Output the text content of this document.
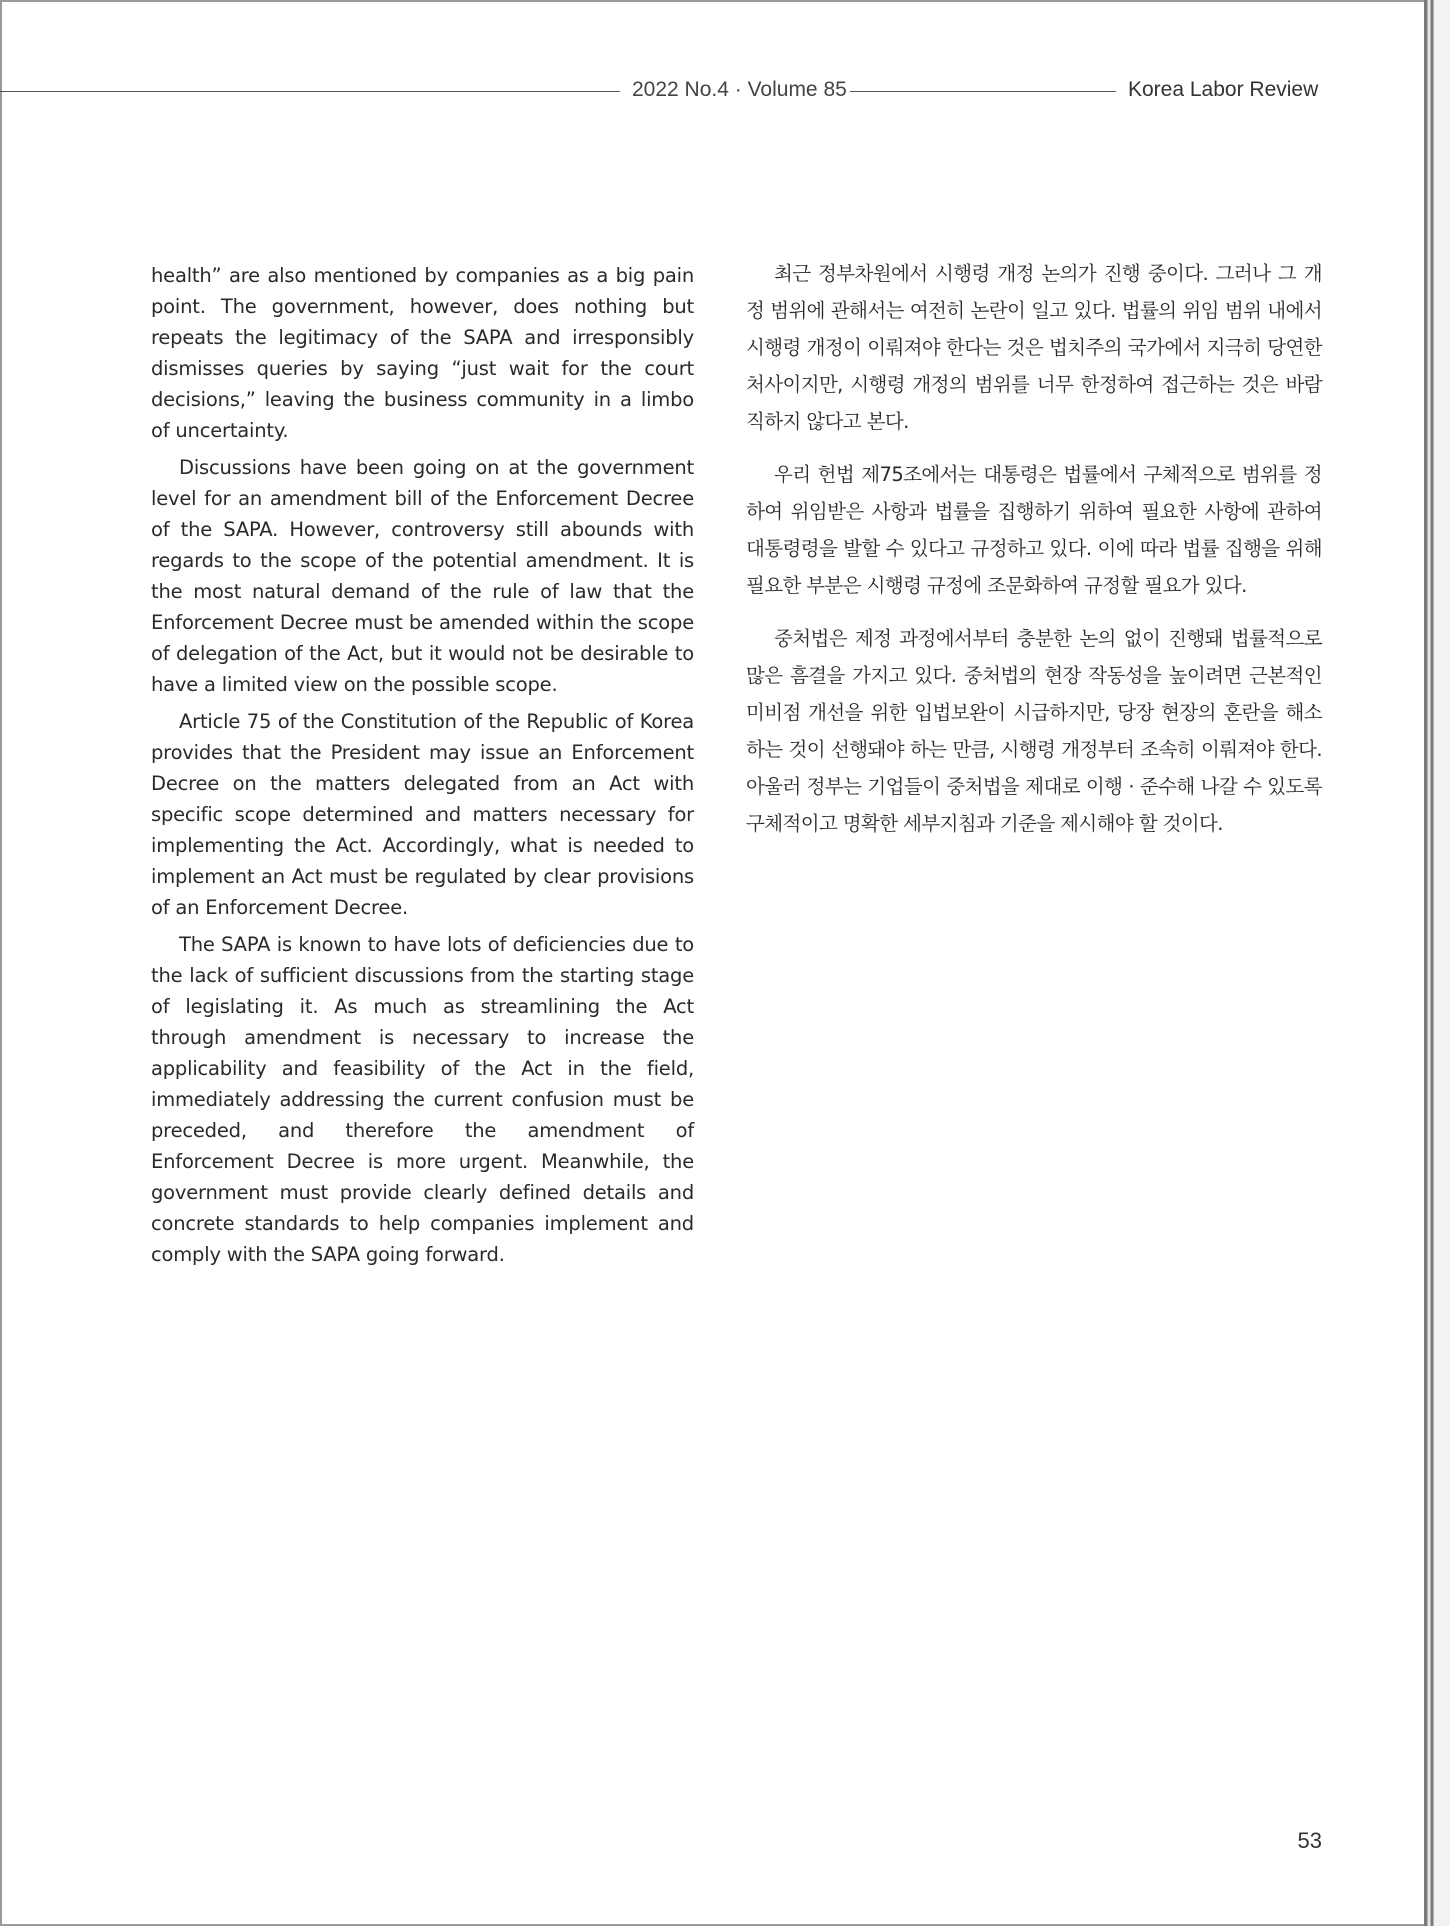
2022 No.4 · Volume 85	Korea Labor Review

health” are also mentioned by companies as a big pain point. The government, however, does nothing but repeats the legitimacy of the SAPA and irresponsibly dismisses queries by saying “just wait for the court decisions,” leaving the business community in a limbo of uncertainty.

Discussions have been going on at the government level for an amendment bill of the Enforcement Decree of the SAPA. However, controversy still abounds with regards to the scope of the potential amendment. It is the most natural demand of the rule of law that the Enforcement Decree must be amended within the scope of delegation of the Act, but it would not be desirable to have a limited view on the possible scope.

Article 75 of the Constitution of the Republic of Korea provides that the President may issue an Enforcement Decree on the matters delegated from an Act with specific scope determined and matters necessary for implementing the Act. Accordingly, what is needed to implement an Act must be regulated by clear provisions of an Enforcement Decree.

The SAPA is known to have lots of deficiencies due to the lack of sufficient discussions from the starting stage of legislating it. As much as streamlining the Act through amendment is necessary to increase the applicability and feasibility of the Act in the field, immediately addressing the current confusion must be preceded, and therefore the amendment of Enforcement Decree is more urgent. Meanwhile, the government must provide clearly defined details and concrete standards to help companies implement and comply with the SAPA going forward.

최근 정부차원에서 시행령 개정 논의가 진행 중이다. 그러나 그 개정 범위에 관해서는 여전히 논란이 일고 있다. 법률의 위임 범위 내에서 시행령 개정이 이뤄져야 한다는 것은 법치주의 국가에서 지극히 당연한 처사이지만, 시행령 개정의 범위를 너무 한정하여 접근하는 것은 바람직하지 않다고 본다.

우리 헌법 제75조에서는 대통령은 법률에서 구체적으로 범위를 정하여 위임받은 사항과 법률을 집행하기 위하여 필요한 사항에 관하여 대통령령을 발할 수 있다고 규정하고 있다. 이에 따라 법률 집행을 위해 필요한 부분은 시행령 규정에 조문화하여 규정할 필요가 있다.

중처법은 제정 과정에서부터 충분한 논의 없이 진행돼 법률적으로 많은 흠결을 가지고 있다. 중처법의 현장 작동성을 높이려면 근본적인 미비점 개선을 위한 입법보완이 시급하지만, 당장 현장의 혼란을 해소하는 것이 선행돼야 하는 만큼, 시행령 개정부터 조속히 이뤄져야 한다. 아울러 정부는 기업들이 중처법을 제대로 이행 · 준수해 나갈 수 있도록 구체적이고 명확한 세부지침과 기준을 제시해야 할 것이다.

53
